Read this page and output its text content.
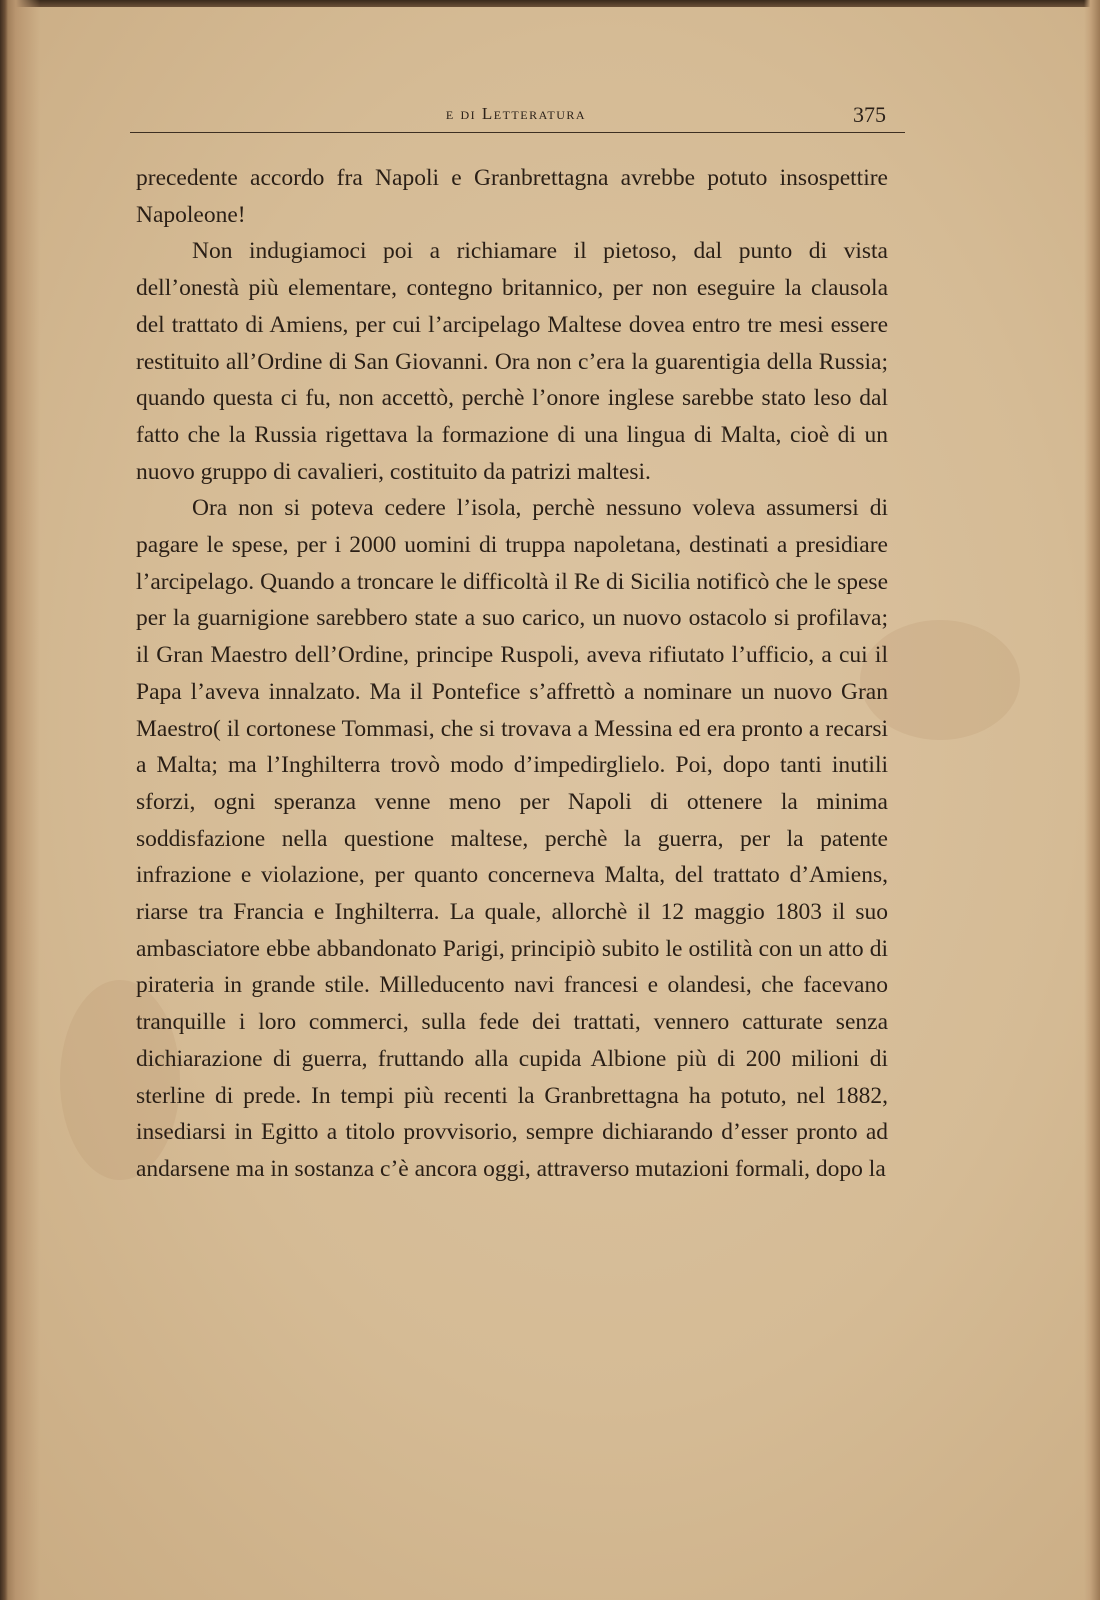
e di Letteratura	375

precedente accordo fra Napoli e Granbrettagna avrebbe potuto insospettire Napoleone!

Non indugiamoci poi a richiamare il pietoso, dal punto di vista dell’onestà più elementare, contegno britannico, per non eseguire la clausola del trattato di Amiens, per cui l’arcipelago Maltese dovea entro tre mesi essere restituito all’Ordine di San Giovanni. Ora non c’era la guarentigia della Russia; quando questa ci fu, non accettò, perchè l’onore inglese sarebbe stato leso dal fatto che la Russia rigettava la formazione di una lingua di Malta, cioè di un nuovo gruppo di cavalieri, costituito da patrizi maltesi.

Ora non si poteva cedere l’isola, perchè nessuno voleva assumersi di pagare le spese, per i 2000 uomini di truppa napoletana, destinati a presidiare l’arcipelago. Quando a troncare le difficoltà il Re di Sicilia notificò che le spese per la guarnigione sarebbero state a suo carico, un nuovo ostacolo si profilava; il Gran Maestro dell’Ordine, principe Ruspoli, aveva rifiutato l’ufficio, a cui il Papa l’aveva innalzato. Ma il Pontefice s’affrettò a nominare un nuovo Gran Maestro( il cortonese Tommasi, che si trovava a Messina ed era pronto a recarsi a Malta; ma l’Inghilterra trovò modo d’impedirglielo. Poi, dopo tanti inutili sforzi, ogni speranza venne meno per Napoli di ottenere la minima soddisfazione nella questione maltese, perchè la guerra, per la patente infrazione e violazione, per quanto concerneva Malta, del trattato d’Amiens, riarse tra Francia e Inghilterra. La quale, allorchè il 12 maggio 1803 il suo ambasciatore ebbe abbandonato Parigi, principiò subito le ostilità con un atto di pirateria in grande stile. Milleducento navi francesi e olandesi, che facevano tranquille i loro commerci, sulla fede dei trattati, vennero catturate senza dichiarazione di guerra, fruttando alla cupida Albione più di 200 milioni di sterline di prede. In tempi più recenti la Granbrettagna ha potuto, nel 1882, insediarsi in Egitto a titolo provvisorio, sempre dichiarando d’esser pronto ad andarsene ma in sostanza c’è ancora oggi, attraverso mutazioni formali, dopo la
